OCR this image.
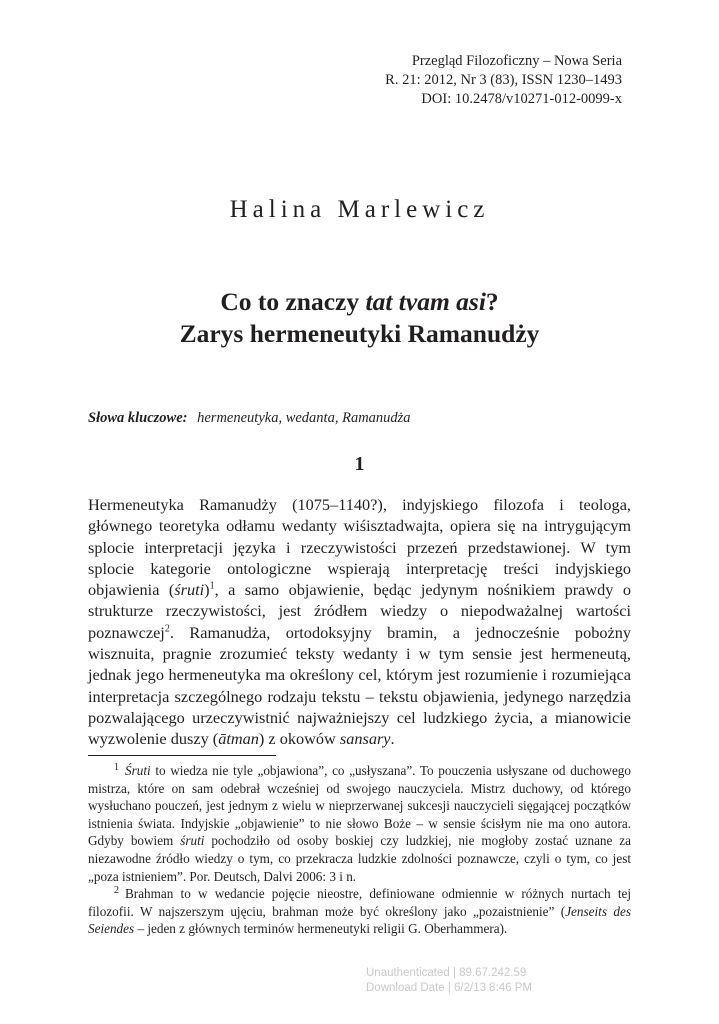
Przegląd Filozoficzny – Nowa Seria
R. 21: 2012, Nr 3 (83), ISSN 1230–1493
DOI: 10.2478/v10271-012-0099-x
Halina Marlewicz
Co to znaczy tat tvam asi?
Zarys hermeneutyki Ramanudży
Słowa kluczowe: hermeneutyka, wedanta, Ramanudża
1

Hermeneutyka Ramanudży (1075–1140?), indyjskiego filozofa i teologa, głównego teoretyka odłamu wedanty wiśisztadwajta, opiera się na intrygującym splocie interpretacji języka i rzeczywistości przezeń przedstawionej. W tym splocie kategorie ontologiczne wspierają interpretację treści indyjskiego objawienia (śruti)$^1$, a samo objawienie, będąc jedynym nośnikiem prawdy o strukturze rzeczywistości, jest źródłem wiedzy o niepodważalnej wartości poznawczej$^2$. Ramanudża, ortodoksyjny bramin, a jednocześnie pobożny wisznuita, pragnie zrozumieć teksty wedanty i w tym sensie jest hermeneutą, jednak jego hermeneutyka ma określony cel, którym jest rozumienie i rozumiejąca interpretacja szczególnego rodzaju tekstu – tekstu objawienia, jedynego narzędzia pozwalającego urzeczywistnić najważniejszy cel ludzkiego życia, a mianowicie wyzwolenie duszy (ātman) z okowów sansary.

$^1$ Śruti to wiedza nie tyle „objawiona”, co „usłyszana”. To pouczenia usłyszane od duchowego mistrza, które on sam odebrał wcześniej od swojego nauczyciela. Mistrz duchowy, od którego wysłuchano pouczeń, jest jednym z wielu w nieprzerwanej sukcesji nauczycieli sięgającej początków istnienia świata. Indyjskie „objawienie” to nie słowo Boże – w sensie ścisłym nie ma ono autora. Gdyby bowiem śruti pochodziło od osoby boskiej czy ludzkiej, nie mogłoby zostać uznane za niezawodne źródło wiedzy o tym, co przekracza ludzkie zdolności poznawcze, czyli o tym, co jest „poza istnieniem”. Por. Deutsch, Dalvi 2006: 3 i n.

$^2$ Brahman to w wedancie pojęcie nieostre, definiowane odmiennie w różnych nurtach tej filozofii. W najszerszym ujęciu, brahman może być określony jako „pozaistnienie” (Jenseits des Seiendes – jeden z głównych terminów hermeneutyki religii G. Oberhammera).

Unauthenticated | 89.67.242.59
Download Date | 6/2/13 8:46 PM
